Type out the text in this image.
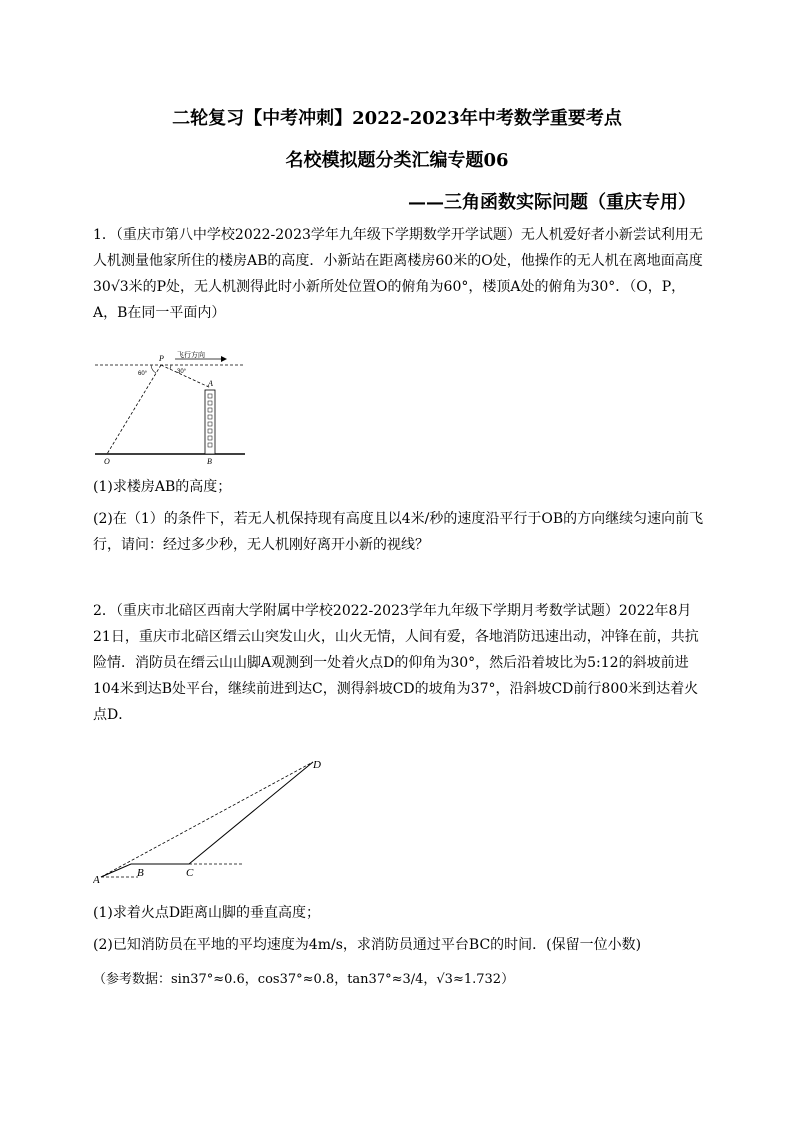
二轮复习【中考冲刺】2022-2023年中考数学重要考点
名校模拟题分类汇编专题06
——三角函数实际问题（重庆专用）
1．（重庆市第八中学校2022-2023学年九年级下学期数学开学试题）无人机爱好者小新尝试利用无人机测量他家所住的楼房AB的高度．小新站在距离楼房60米的O处，他操作的无人机在离地面高度30√3米的P处，无人机测得此时小新所处位置O的俯角为60°，楼顶A处的俯角为30°．（O，P，A，B在同一平面内）
P 飞行方向
60°	30°
A
O	B
(1)求楼房AB的高度；
(2)在（1）的条件下，若无人机保持现有高度且以4米/秒的速度沿平行于OB的方向继续匀速向前飞行，请问：经过多少秒，无人机刚好离开小新的视线？
2．（重庆市北碚区西南大学附属中学校2022-2023学年九年级下学期月考数学试题）2022年8月21日，重庆市北碚区缙云山突发山火，山火无情，人间有爱，各地消防迅速出动，冲锋在前，共抗险情．消防员在缙云山山脚A观测到一处着火点D的仰角为30°，然后沿着坡比为5:12的斜坡前进104米到达B处平台，继续前进到达C，测得斜坡CD的坡角为37°，沿斜坡CD前行800米到达着火点D．
A
B	C
D
(1)求着火点D距离山脚的垂直高度；
(2)已知消防员在平地的平均速度为4m/s，求消防员通过平台BC的时间．(保留一位小数)
（参考数据：sin37°≈0.6，cos37°≈0.8，tan37°≈3/4，√3≈1.732）
